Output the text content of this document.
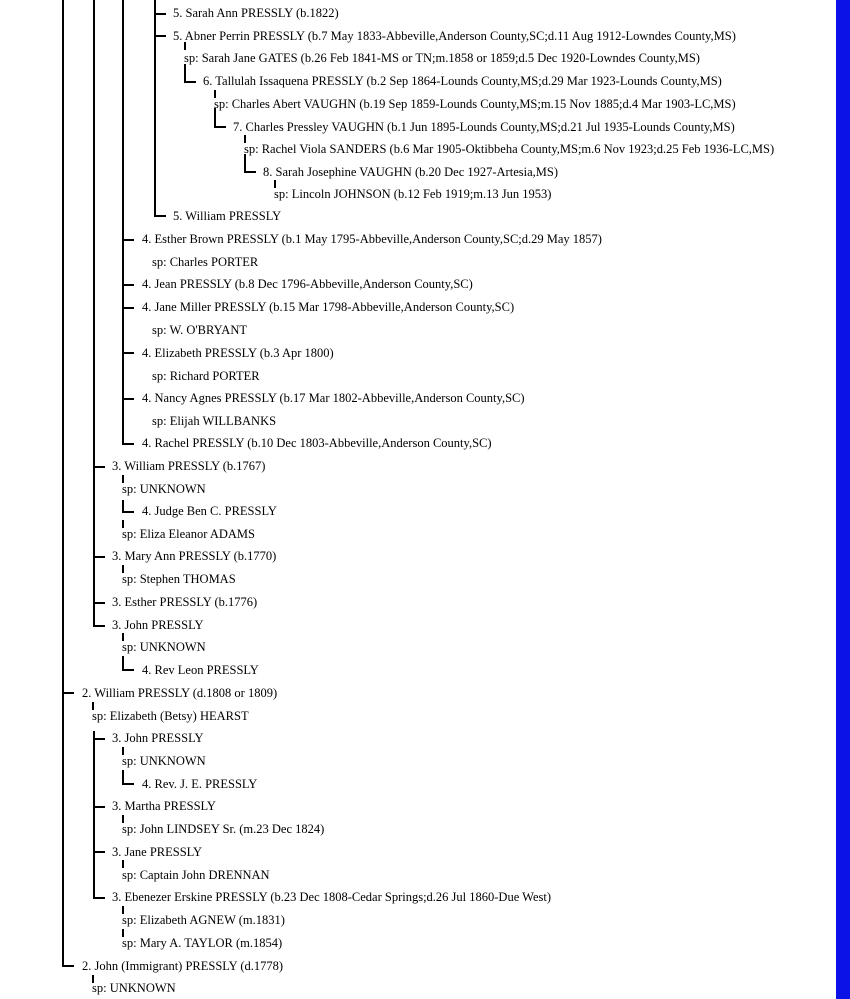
5. Sarah Ann PRESSLY (b.1822)
5. Abner Perrin PRESSLY (b.7 May 1833-Abbeville,Anderson County,SC;d.11 Aug 1912-Lowndes County,MS)
sp: Sarah Jane GATES (b.26 Feb 1841-MS or TN;m.1858 or 1859;d.5 Dec 1920-Lowndes County,MS)
6. Tallulah Issaquena PRESSLY (b.2 Sep 1864-Lounds County,MS;d.29 Mar 1923-Lounds County,MS)
sp: Charles Abert VAUGHN (b.19 Sep 1859-Lounds County,MS;m.15 Nov 1885;d.4 Mar 1903-LC,MS)
7. Charles Pressley VAUGHN (b.1 Jun 1895-Lounds County,MS;d.21 Jul 1935-Lounds County,MS)
sp: Rachel Viola SANDERS (b.6 Mar 1905-Oktibbeha County,MS;m.6 Nov 1923;d.25 Feb 1936-LC,MS)
8. Sarah Josephine VAUGHN (b.20 Dec 1927-Artesia,MS)
sp: Lincoln JOHNSON (b.12 Feb 1919;m.13 Jun 1953)
5. William PRESSLY
4. Esther Brown PRESSLY (b.1 May 1795-Abbeville,Anderson County,SC;d.29 May 1857)
sp: Charles PORTER
4. Jean PRESSLY (b.8 Dec 1796-Abbeville,Anderson County,SC)
4. Jane Miller PRESSLY (b.15 Mar 1798-Abbeville,Anderson County,SC)
sp: W. O'BRYANT
4. Elizabeth PRESSLY (b.3 Apr 1800)
sp: Richard PORTER
4. Nancy Agnes PRESSLY (b.17 Mar 1802-Abbeville,Anderson County,SC)
sp: Elijah WILLBANKS
4. Rachel PRESSLY (b.10 Dec 1803-Abbeville,Anderson County,SC)
3. William PRESSLY (b.1767)
sp: UNKNOWN
4. Judge Ben C. PRESSLY
sp: Eliza Eleanor ADAMS
3. Mary Ann PRESSLY (b.1770)
sp: Stephen THOMAS
3. Esther PRESSLY (b.1776)
3. John PRESSLY
sp: UNKNOWN
4. Rev Leon PRESSLY
2. William PRESSLY (d.1808 or 1809)
sp: Elizabeth (Betsy) HEARST
3. John PRESSLY
sp: UNKNOWN
4. Rev. J. E. PRESSLY
3. Martha PRESSLY
sp: John LINDSEY Sr. (m.23 Dec 1824)
3. Jane PRESSLY
sp: Captain John DRENNAN
3. Ebenezer Erskine PRESSLY (b.23 Dec 1808-Cedar Springs;d.26 Jul 1860-Due West)
sp: Elizabeth AGNEW (m.1831)
sp: Mary A. TAYLOR (m.1854)
2. John (Immigrant) PRESSLY (d.1778)
sp: UNKNOWN
